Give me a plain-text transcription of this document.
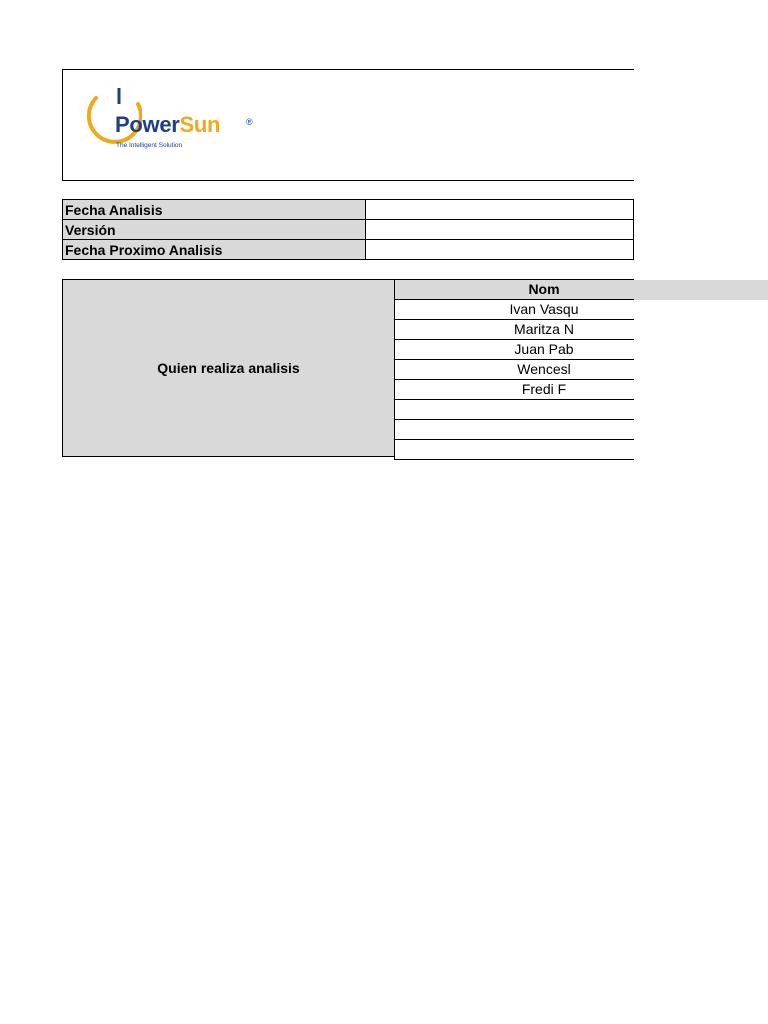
PowerSun	®
The Intelligent Solution
Fecha Analisis	
Versión	
Fecha Proximo Analisis	
Quien realiza analisis
Nom
Ivan Vasqu
Maritza N
Juan Pab
Wencesl
Fredi F
